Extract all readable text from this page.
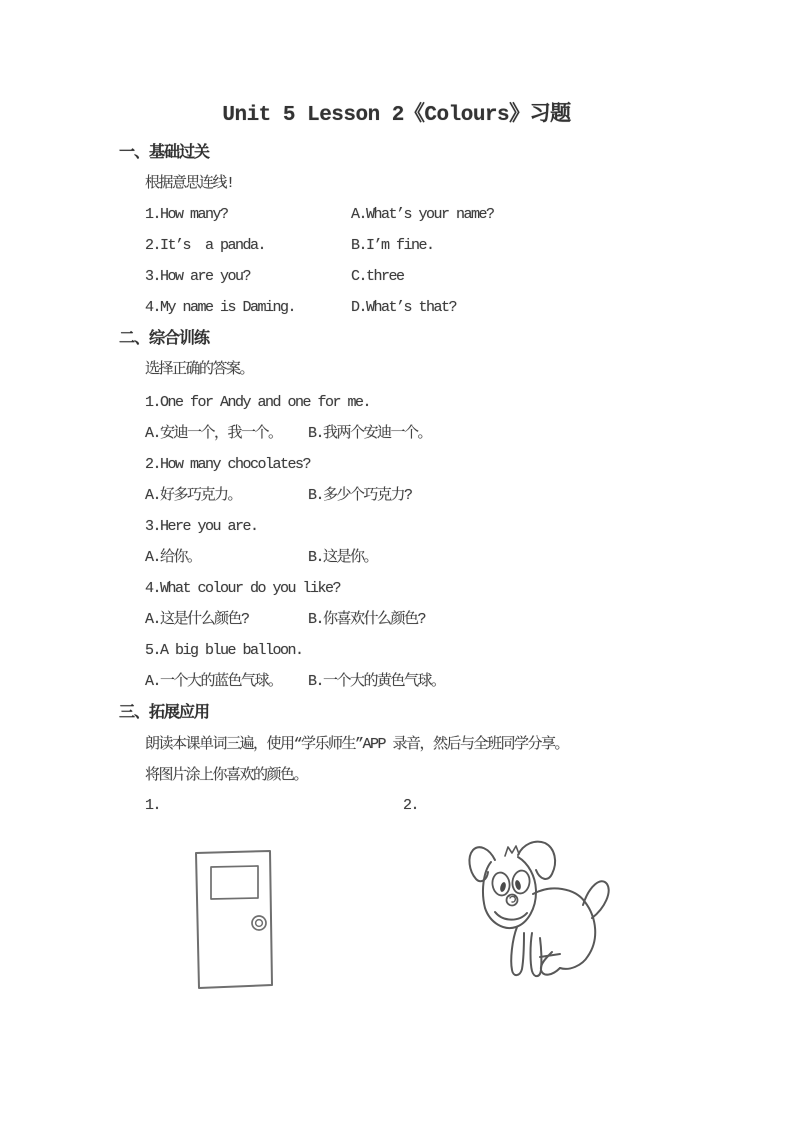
Unit 5 Lesson 2《Colours》习题
一、基础过关
根据意思连线!
1.How many?	A.What’s your name?
2.It’s  a panda.	B.I’m fine.
3.How are you?	C.three
4.My name is Daming.	D.What’s that?
二、综合训练
选择正确的答案。
1.One for Andy and one for me.
A.安迪一个，我一个。	B.我两个安迪一个。
2.How many chocolates?
A.好多巧克力。	B.多少个巧克力?
3.Here you are.
A.给你。	B.这是你。
4.What colour do you like?
A.这是什么颜色?	B.你喜欢什么颜色?
5.A big blue balloon.
A.一个大的蓝色气球。	B.一个大的黄色气球。
三、拓展应用
朗读本课单词三遍，使用“学乐师生”APP 录音，然后与全班同学分享。
将图片涂上你喜欢的颜色。
1.	2.
